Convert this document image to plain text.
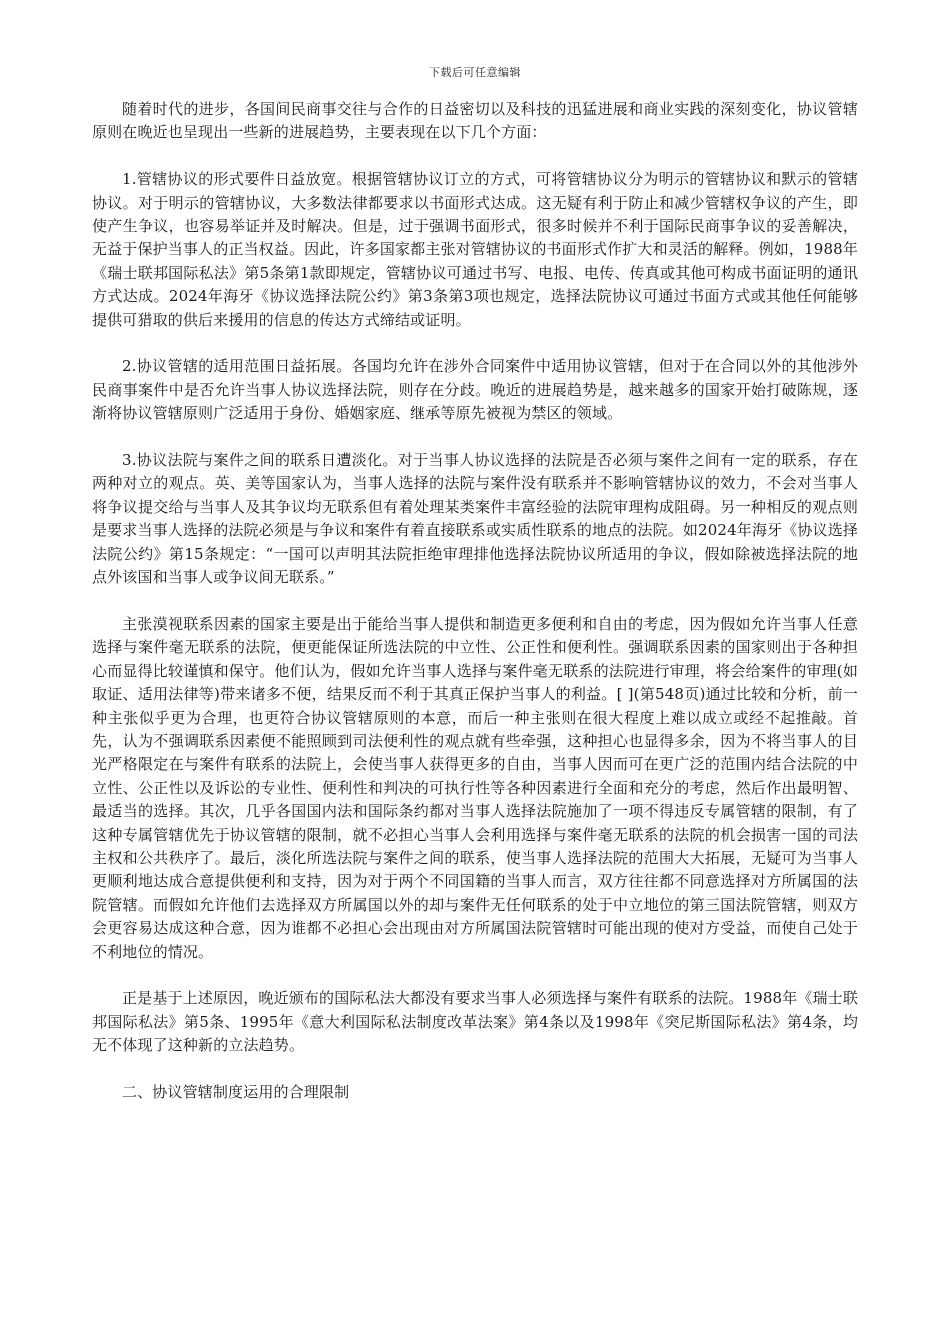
下载后可任意编辑

随着时代的进步，各国间民商事交往与合作的日益密切以及科技的迅猛进展和商业实践的深刻变化，协议管辖原则在晚近也呈现出一些新的进展趋势，主要表现在以下几个方面：

1.管辖协议的形式要件日益放宽。根据管辖协议订立的方式，可将管辖协议分为明示的管辖协议和默示的管辖协议。对于明示的管辖协议，大多数法律都要求以书面形式达成。这无疑有利于防止和减少管辖权争议的产生，即使产生争议，也容易举证并及时解决。但是，过于强调书面形式，很多时候并不利于国际民商事争议的妥善解决，无益于保护当事人的正当权益。因此，许多国家都主张对管辖协议的书面形式作扩大和灵活的解释。例如，1988年《瑞士联邦国际私法》第5条第1款即规定，管辖协议可通过书写、电报、电传、传真或其他可构成书面证明的通讯方式达成。2024年海牙《协议选择法院公约》第3条第3项也规定，选择法院协议可通过书面方式或其他任何能够提供可猎取的供后来援用的信息的传达方式缔结或证明。

2.协议管辖的适用范围日益拓展。各国均允许在涉外合同案件中适用协议管辖，但对于在合同以外的其他涉外民商事案件中是否允许当事人协议选择法院，则存在分歧。晚近的进展趋势是，越来越多的国家开始打破陈规，逐渐将协议管辖原则广泛适用于身份、婚姻家庭、继承等原先被视为禁区的领域。

3.协议法院与案件之间的联系日遭淡化。对于当事人协议选择的法院是否必须与案件之间有一定的联系，存在两种对立的观点。英、美等国家认为，当事人选择的法院与案件没有联系并不影响管辖协议的效力，不会对当事人将争议提交给与当事人及其争议均无联系但有着处理某类案件丰富经验的法院审理构成阻碍。另一种相反的观点则是要求当事人选择的法院必须是与争议和案件有着直接联系或实质性联系的地点的法院。如2024年海牙《协议选择法院公约》第15条规定：“一国可以声明其法院拒绝审理排他选择法院协议所适用的争议，假如除被选择法院的地点外该国和当事人或争议间无联系。”

主张漠视联系因素的国家主要是出于能给当事人提供和制造更多便利和自由的考虑，因为假如允许当事人任意选择与案件毫无联系的法院，便更能保证所选法院的中立性、公正性和便利性。强调联系因素的国家则出于各种担心而显得比较谨慎和保守。他们认为，假如允许当事人选择与案件毫无联系的法院进行审理，将会给案件的审理(如取证、适用法律等)带来诸多不便，结果反而不利于其真正保护当事人的利益。[ ](第548页)通过比较和分析，前一种主张似乎更为合理，也更符合协议管辖原则的本意，而后一种主张则在很大程度上难以成立或经不起推敲。首先，认为不强调联系因素便不能照顾到司法便利性的观点就有些牵强，这种担心也显得多余，因为不将当事人的目光严格限定在与案件有联系的法院上，会使当事人获得更多的自由，当事人因而可在更广泛的范围内结合法院的中立性、公正性以及诉讼的专业性、便利性和判决的可执行性等各种因素进行全面和充分的考虑，然后作出最明智、最适当的选择。其次，几乎各国国内法和国际条约都对当事人选择法院施加了一项不得违反专属管辖的限制，有了这种专属管辖优先于协议管辖的限制，就不必担心当事人会利用选择与案件毫无联系的法院的机会损害一国的司法主权和公共秩序了。最后，淡化所选法院与案件之间的联系，使当事人选择法院的范围大大拓展，无疑可为当事人更顺利地达成合意提供便利和支持，因为对于两个不同国籍的当事人而言，双方往往都不同意选择对方所属国的法院管辖。而假如允许他们去选择双方所属国以外的却与案件无任何联系的处于中立地位的第三国法院管辖，则双方会更容易达成这种合意，因为谁都不必担心会出现由对方所属国法院管辖时可能出现的使对方受益，而使自己处于不利地位的情况。

正是基于上述原因，晚近颁布的国际私法大都没有要求当事人必须选择与案件有联系的法院。1988年《瑞士联邦国际私法》第5条、1995年《意大利国际私法制度改革法案》第4条以及1998年《突尼斯国际私法》第4条，均无不体现了这种新的立法趋势。

二、协议管辖制度运用的合理限制
